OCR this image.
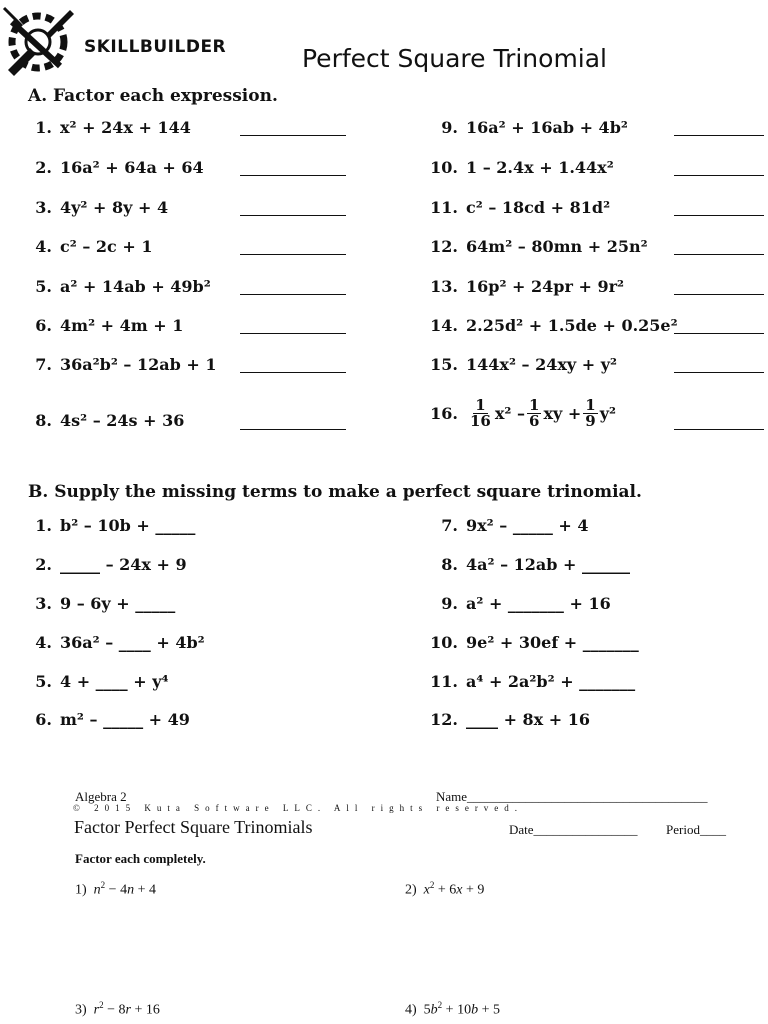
SKILLBUILDER	Perfect Square Trinomial
A. Factor each expression.
1. x² + 24x + 144
2. 16a² + 64a + 64
3. 4y² + 8y + 4
4. c² – 2c + 1
5. a² + 14ab + 49b²
6. 4m² + 4m + 1
7. 36a²b² – 12ab + 1
8. 4s² – 24s + 36
9. 16a² + 16ab + 4b²
10. 1 – 2.4x + 1.44x²
11. c² – 18cd + 81d²
12. 64m² – 80mn + 25n²
13. 16p² + 24pr + 9r²
14. 2.25d² + 1.5de + 0.25e²
15. 144x² – 24xy + y²
16. $\frac{1}{16} x^2 - \frac{1}{6}$ xy + $\frac{1}{9} y^2$
B. Supply the missing terms to make a perfect square trinomial.
1. b² – 10b + _____
2. _____ – 24x + 9
3. 9 – 6y + _____
4. 36a² – ____ + 4b²
5. 4 + ____ + y⁴
6. m² – _____ + 49
7. 9x² – _____ + 4
8. 4a² – 12ab + ______
9. a² + _______ + 16
10. 9e² + 30ef + _______
11. a⁴ + 2a²b² + _______
12. ____ + 8x + 16
Algebra 2	Name_____________________________________
© 2015 Kuta Software LLC. All rights reserved.
Factor Perfect Square Trinomials	Date________________ Period____
Factor each completely.
1) $n^2 - 4n + 4$	2) $x^2 + 6x + 9$
3) $r^2 - 8r + 16$	4)  $5b^2 + 10b + 5$
